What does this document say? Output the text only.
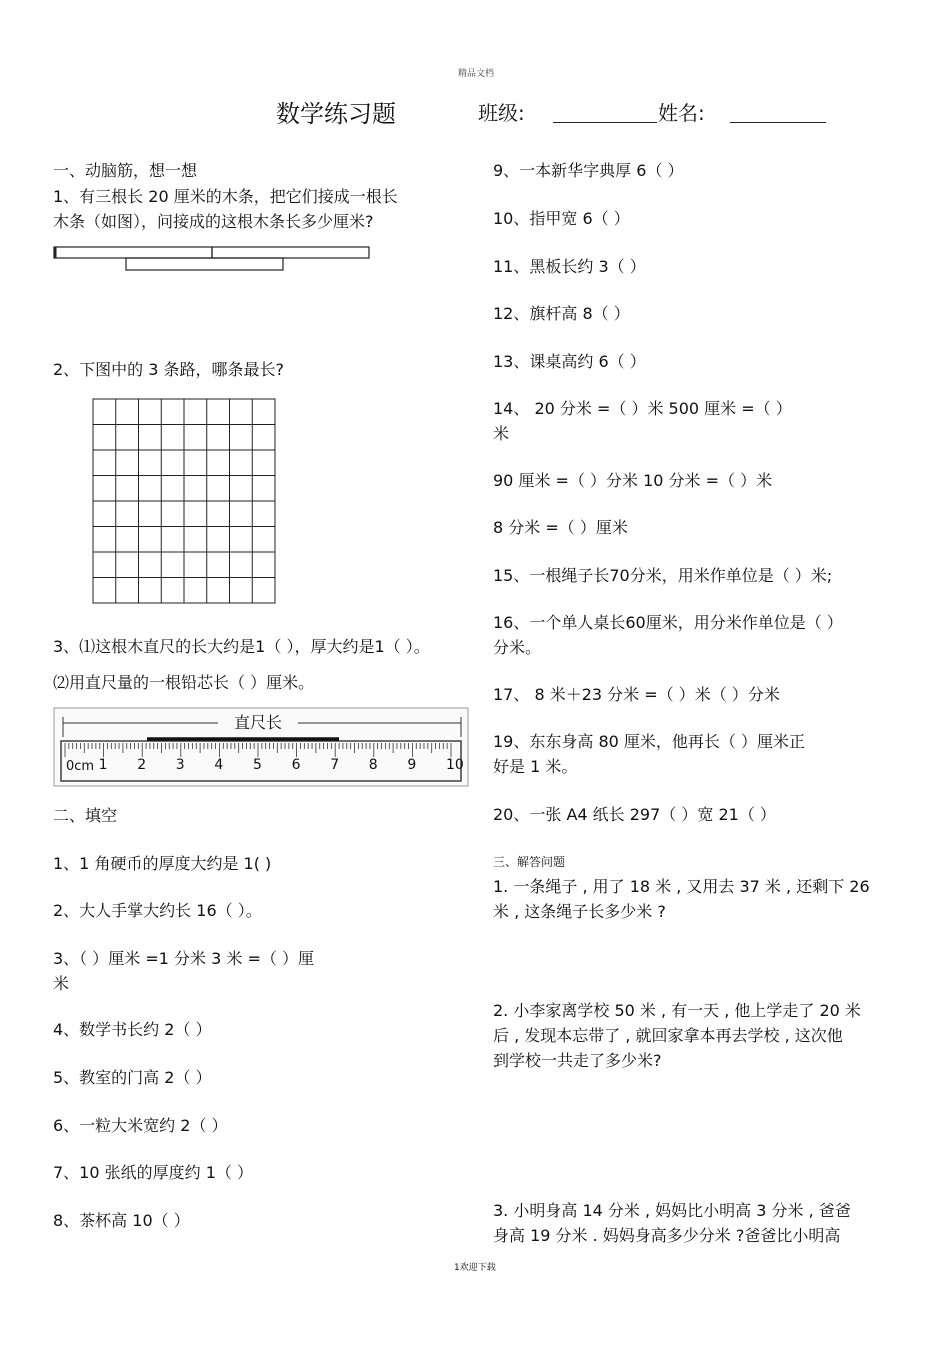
精品文档
数学练习题	班级:	姓名:
一、动脑筋，想一想
1、有三根长 20 厘米的木条，把它们接成一根长
木条（如图），问接成的这根木条长多少厘米?
2、下图中的 3 条路，哪条最长?
3、⑴这根木直尺的长大约是1（ ），厚大约是1（ ）。
⑵用直尺量的一根铅芯长（ ）厘米。
直尺长
0cm 1 2 3 4 5 6 7 8 9 10
二、填空
1、1 角硬币的厚度大约是 1( )
2、大人手掌大约长 16（ ）。
3、（ ）厘米 =1 分米 3 米 =（ ）厘
米
4、数学书长约 2（ ）
5、教室的门高 2（ ）
6、一粒大米宽约 2（ ）
7、10 张纸的厚度约 1（ ）
8、茶杯高 10（ ）
9、一本新华字典厚 6（ ）
10、指甲宽 6（ ）
11、黑板长约 3（ ）
12、旗杆高 8（ ）
13、课桌高约 6（ ）
14、 20 分米 =（ ）米 500 厘米 =（ ）
米
90 厘米 =（ ）分米 10 分米 =（ ）米
8 分米 =（ ）厘米
15、一根绳子长70分米，用米作单位是（ ）米;
16、一个单人桌长60厘米，用分米作单位是（ ）
分米。
17、 8 米＋23 分米 =（ ）米（ ）分米
19、东东身高 80 厘米，他再长（ ）厘米正
好是 1 米。
20、一张 A4 纸长 297（ ）宽 21（ ）
三、解答问题
1. 一条绳子 , 用了 18 米 , 又用去 37 米 , 还剩下 26
米 , 这条绳子长多少米 ?
2. 小李家离学校 50 米 , 有一天 , 他上学走了 20 米
后 , 发现本忘带了 , 就回家拿本再去学校 , 这次他
到学校一共走了多少米?
3. 小明身高 14 分米 , 妈妈比小明高 3 分米 , 爸爸
身高 19 分米 . 妈妈身高多少分米 ?爸爸比小明高
1欢迎下载
